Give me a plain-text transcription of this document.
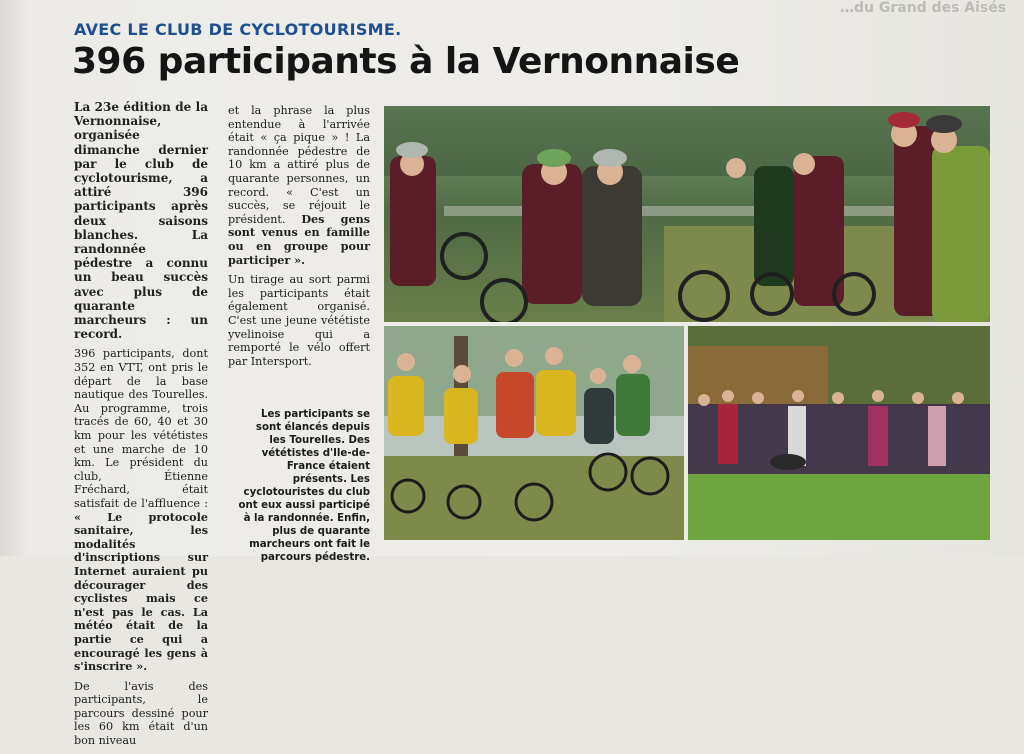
…du Grand des Aisés
AVEC LE CLUB DE CYCLOTOURISME.
396 participants à la Vernonnaise

La 23e édition de la Vernonnaise, organisée dimanche dernier par le club de cyclotourisme, a attiré 396 participants après deux saisons blanches. La randonnée pédestre a connu un beau succès avec plus de quarante marcheurs : un record.

396 participants, dont 352 en VTT, ont pris le départ de la base nautique des Tourelles. Au programme, trois tracés de 60, 40 et 30 km pour les vététistes et une marche de 10 km. Le président du club, Étienne Fréchard, était satisfait de l'affluence : « Le protocole sanitaire, les modalités d'inscriptions sur Internet auraient pu décourager des cyclistes mais ce n'est pas le cas. La météo était de la partie ce qui a encouragé les gens à s'inscrire ».

De l'avis des participants, le parcours dessiné pour les 60 km était d'un bon niveau

et la phrase la plus entendue à l'arrivée était « ça pique » ! La randonnée pédestre de 10 km a attiré plus de quarante personnes, un record. « C'est un succès, se réjouit le président. Des gens sont venus en famille ou en groupe pour participer ».

Un tirage au sort parmi les participants était également organisé. C'est une jeune vététiste yvelinoise qui a remporté le vélo offert par Intersport.

Les participants se sont élancés depuis les Tourelles. Des vététistes d'Ile-de-France étaient présents. Les cyclotouristes du club ont eux aussi participé à la randonnée. Enfin, plus de quarante marcheurs ont fait le parcours pédestre.
